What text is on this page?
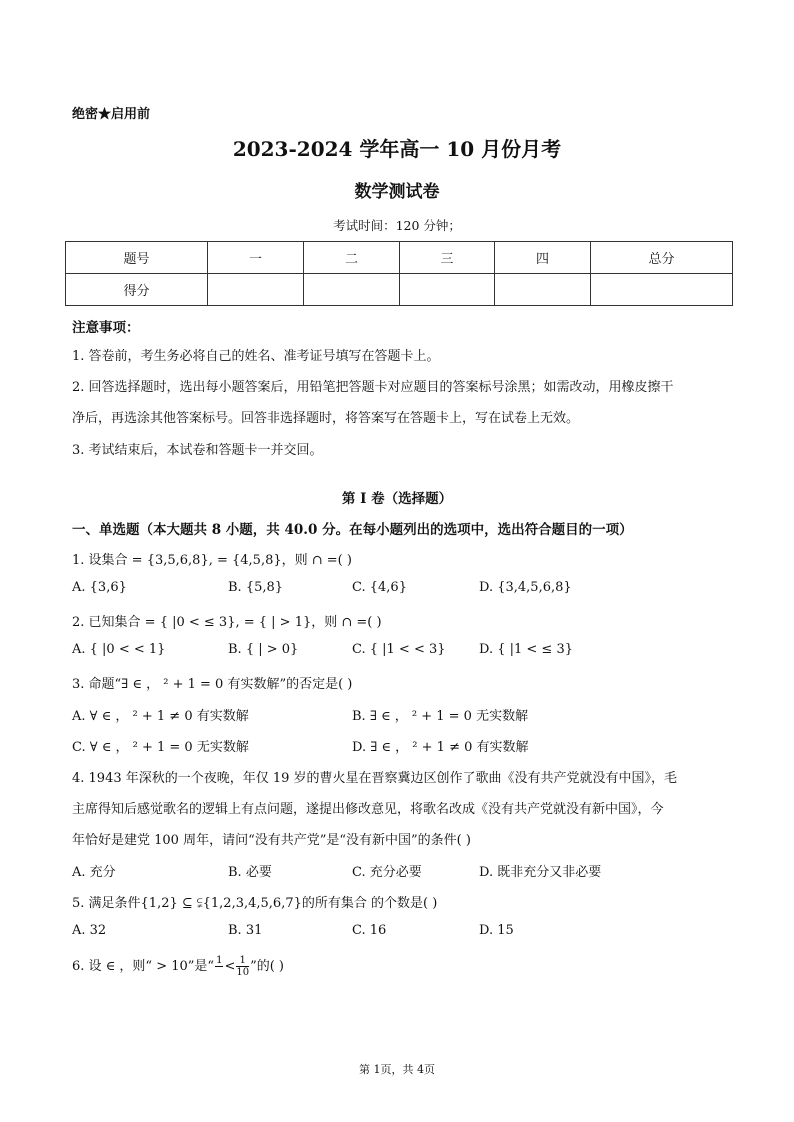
绝密★启用前
2023-2024 学年高一 10 月份月考
数学测试卷
考试时间：120 分钟；
题号	一	二	三	四	总分
得分					
注意事项：
1. 答卷前，考生务必将自己的姓名、准考证号填写在答题卡上。
2. 回答选择题时，选出每小题答案后，用铅笔把答题卡对应题目的答案标号涂黑；如需改动，用橡皮擦干
净后，再选涂其他答案标号。回答非选择题时，将答案写在答题卡上，写在试卷上无效。
3. 考试结束后，本试卷和答题卡一并交回。
第 I 卷（选择题）
一、单选题（本大题共 8 小题，共 40.0 分。在每小题列出的选项中，选出符合题目的一项）
1. 设集合 = {3,5,6,8}, = {4,5,8}，则 ∩ =( )
A. {3,6}	B. {5,8}	C. {4,6}	D. {3,4,5,6,8}
2. 已知集合 = { |0 < ≤ 3}, = { | > 1}，则 ∩ =( )
A. { |0 < < 1}	B. { | > 0}	C. { |1 < < 3}	D. { |1 < ≤ 3}
3. 命题“∃ ∈ ， ² + 1 = 0 有实数解”的否定是( )
A. ∀ ∈ ， ² + 1 ≠ 0 有实数解	B. ∃ ∈ ， ² + 1 = 0 无实数解
C. ∀ ∈ ， ² + 1 = 0 无实数解	D. ∃ ∈ ， ² + 1 ≠ 0 有实数解
4. 1943 年深秋的一个夜晚，年仅 19 岁的曹火星在晋察冀边区创作了歌曲《没有共产党就没有中国》，毛
主席得知后感觉歌名的逻辑上有点问题，遂提出修改意见，将歌名改成《没有共产党就没有新中国》，今
年恰好是建党 100 周年，请问“没有共产党”是“没有新中国”的条件( )
A. 充分	B. 必要	C. 充分必要	D. 既非充分又非必要
5. 满足条件{1,2} ⊆ ⫋{1,2,3,4,5,6,7}的所有集合 的个数是( )
A. 32	B. 31	C. 16	D. 15
6. 设 ∈ ，则“ > 10”是“ 1
< $\frac{1}{10}$ ”的( )
第 1页，共 4页
